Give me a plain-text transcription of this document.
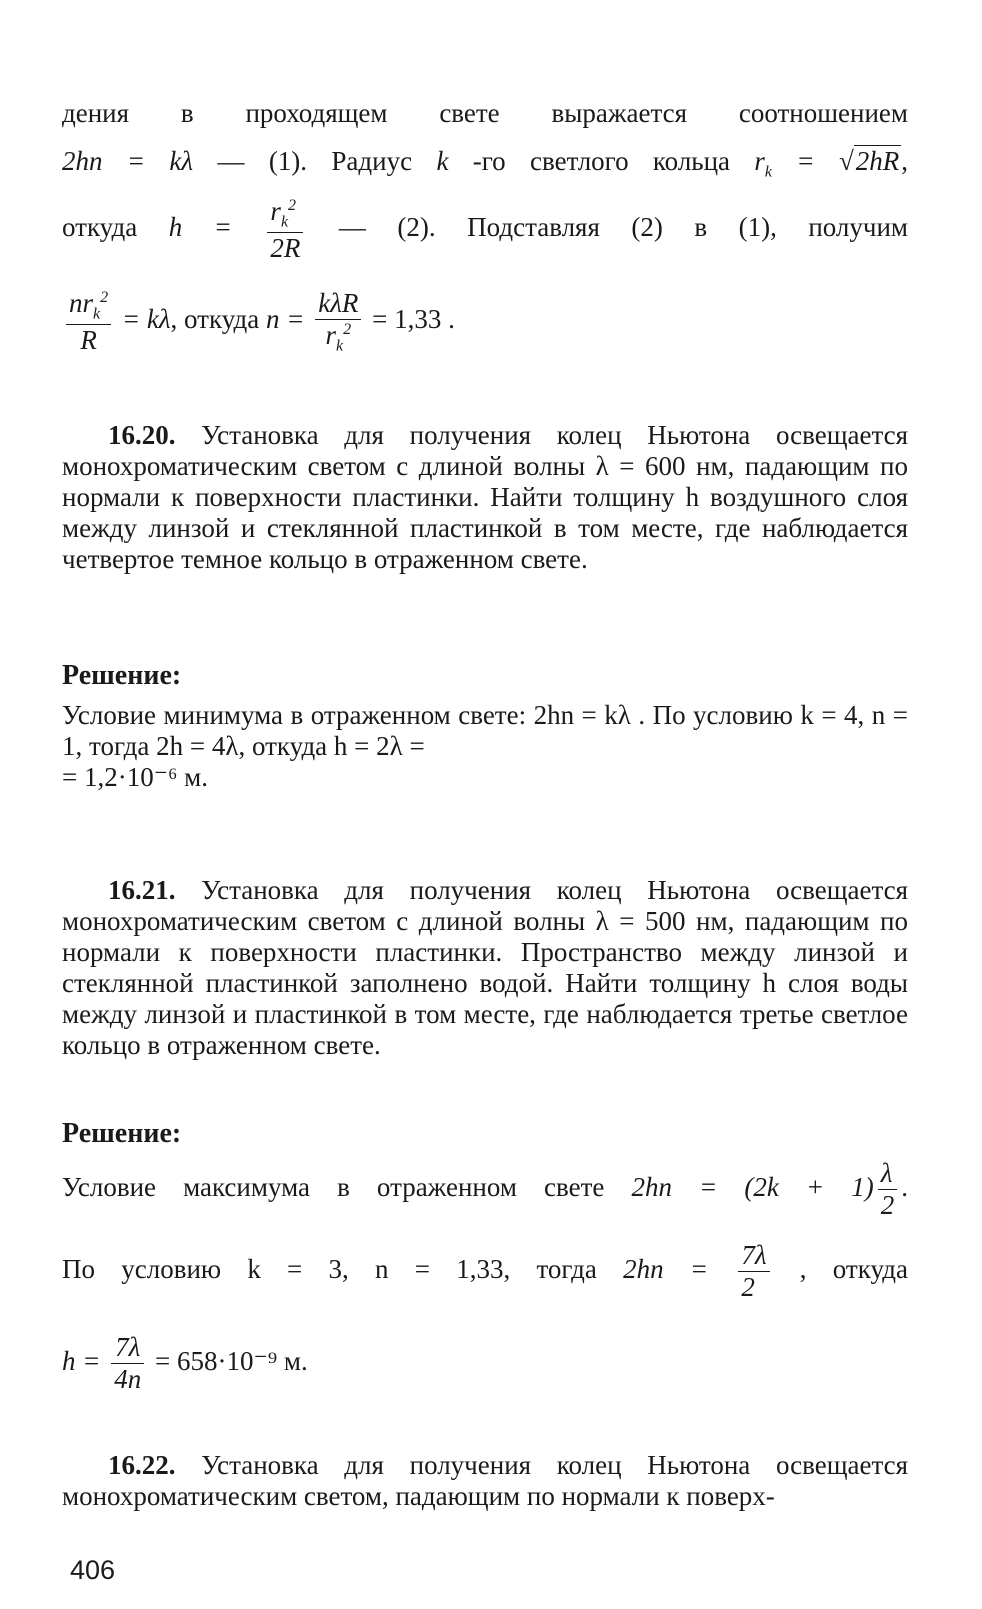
дения в проходящем свете выражается соотношением
2hn = kλ — (1). Радиус k -го светлого кольца $r_k = √2hR$,
откуда $h = \frac{r_k^2}{2R}$ — (2). Подставляя (2) в (1), получим
$\frac{nr_k^2}{R} = k\lambda$, откуда $n = \frac{\text{kλR}}{r_k^2} = 1,33$ .
16.20. Установка для получения колец Ньютона освещается монохроматическим светом с длиной волны λ = 600 нм, падающим по нормали к поверхности пластинки. Найти толщину h воздушного слоя между линзой и стеклянной пластинкой в том месте, где наблюдается четвертое темное кольцо в отраженном свете.
Решение:
Условие минимума в отраженном свете: 2hn = kλ . По условию k = 4, n = 1, тогда 2h = 4λ, откуда h = 2λ =
= 1,2·10⁻⁶ м.
16.21. Установка для получения колец Ньютона освещается монохроматическим светом с длиной волны λ = 500 нм, падающим по нормали к поверхности пластинки. Пространство между линзой и стеклянной пластинкой заполнено водой. Найти толщину h слоя воды между линзой и пластинкой в том месте, где наблюдается третье светлое кольцо в отраженном свете.
Решение:
Условие максимума в отраженном свете $2hn = (2k + 1) \frac{\lambda}{2}$ .
По условию k = 3, n = 1,33, тогда $2hn = \frac{7\lambda}{2}$ , откуда
$h = \frac{7\lambda}{4n} = 658\cdot 10^{-9}$ м.
16.22. Установка для получения колец Ньютона освещается монохроматическим светом, падающим по нормали к поверх-
406
